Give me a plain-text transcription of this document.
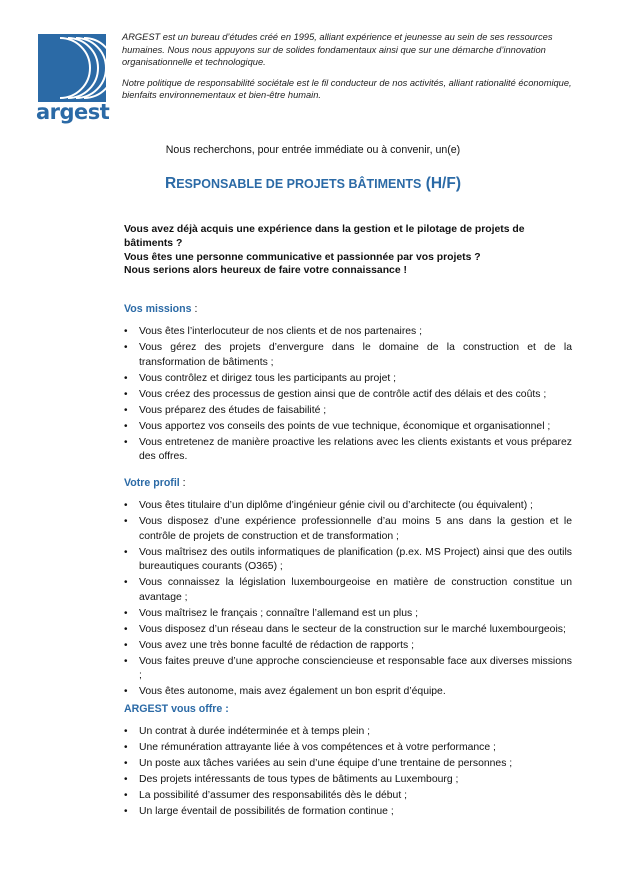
argest

ARGEST est un bureau d’études créé en 1995, alliant expérience et jeunesse au sein de ses ressources humaines. Nous nous appuyons sur de solides fondamentaux ainsi que sur une démarche d’innovation organisationnelle et technologique.

Notre politique de responsabilité sociétale est le fil conducteur de nos activités, alliant rationalité économique, bienfaits environnementaux et bien-être humain.

Nous recherchons, pour entrée immédiate ou à convenir, un(e)
RESPONSABLE DE PROJETS BÂTIMENTS (H/F)
Vous avez déjà acquis une expérience dans la gestion et le pilotage de projets de bâtiments ?
Vous êtes une personne communicative et passionnée par vos projets ?
Nous serions alors heureux de faire votre connaissance !
Vos missions :
• Vous êtes l’interlocuteur de nos clients et de nos partenaires ;
• Vous gérez des projets d’envergure dans le domaine de la construction et de la transformation de bâtiments ;
• Vous contrôlez et dirigez tous les participants au projet ;
• Vous créez des processus de gestion ainsi que de contrôle actif des délais et des coûts ;
• Vous préparez des études de faisabilité ;
• Vous apportez vos conseils des points de vue technique, économique et organisationnel ;
• Vous entretenez de manière proactive les relations avec les clients existants et vous préparez des offres.
Votre profil :
• Vous êtes titulaire d’un diplôme d’ingénieur génie civil ou d’architecte (ou équivalent) ;
• Vous disposez d’une expérience professionnelle d’au moins 5 ans dans la gestion et le contrôle de projets de construction et de transformation ;
• Vous maîtrisez des outils informatiques de planification (p.ex. MS Project) ainsi que des outils bureautiques courants (O365) ;
• Vous connaissez la législation luxembourgeoise en matière de construction constitue un avantage ;
• Vous maîtrisez le français ; connaître l’allemand est un plus ;
• Vous disposez d’un réseau dans le secteur de la construction sur le marché luxembourgeois;
• Vous avez une très bonne faculté de rédaction de rapports ;
• Vous faites preuve d’une approche consciencieuse et responsable face aux diverses missions ;
• Vous êtes autonome, mais avez également un bon esprit d’équipe.
ARGEST vous offre :
• Un contrat à durée indéterminée et à temps plein ;
• Une rémunération attrayante liée à vos compétences et à votre performance ;
• Un poste aux tâches variées au sein d’une équipe d’une trentaine de personnes ;
• Des projets intéressants de tous types de bâtiments au Luxembourg ;
• La possibilité d’assumer des responsabilités dès le début ;
• Un large éventail de possibilités de formation continue ;
